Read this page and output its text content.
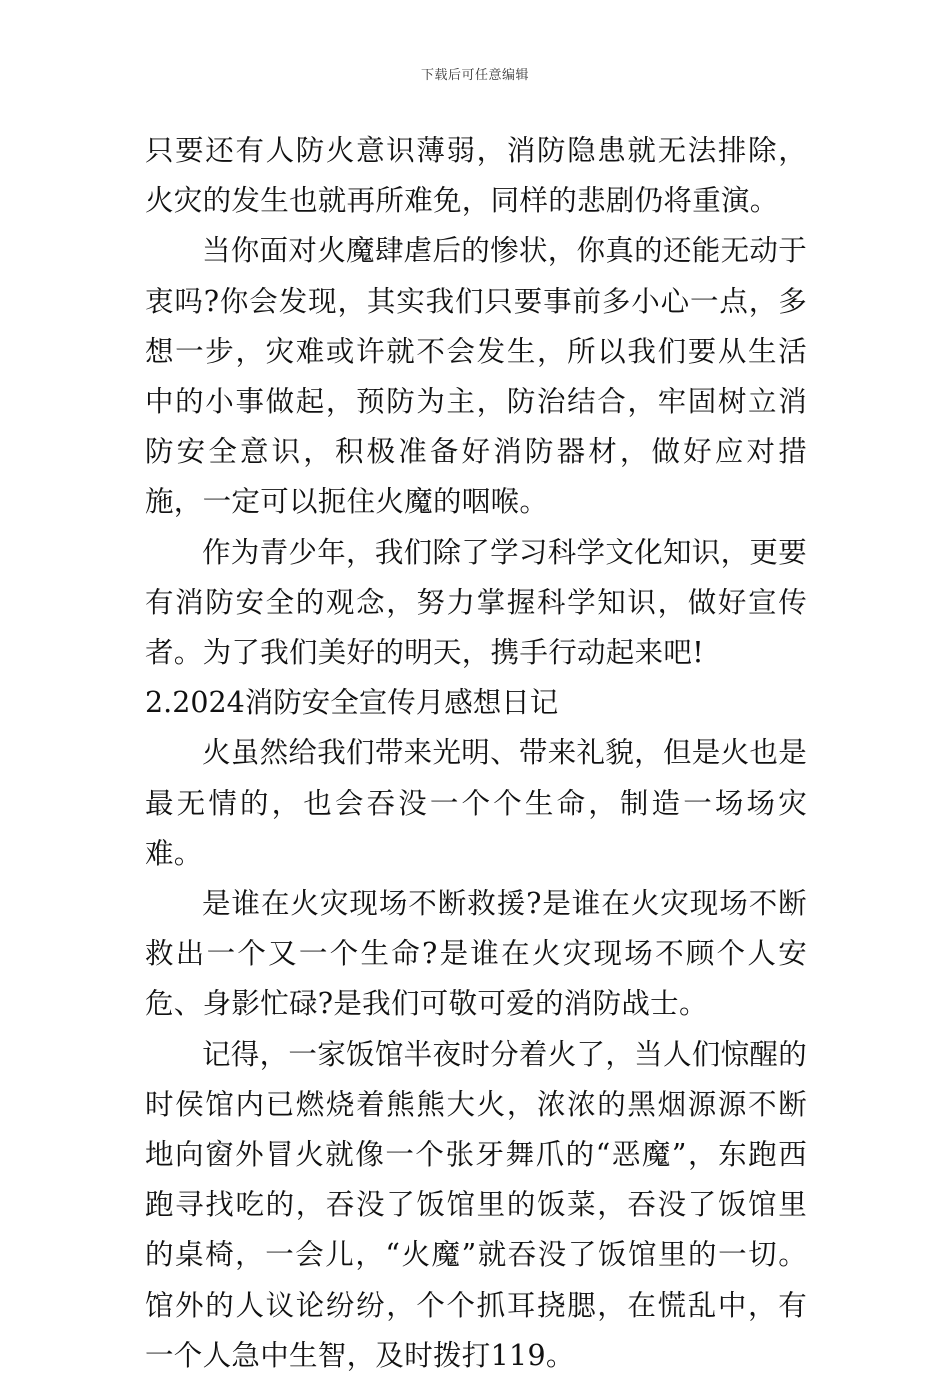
下载后可任意编辑

只要还有人防火意识薄弱，消防隐患就无法排除，火灾的发生也就再所难免，同样的悲剧仍将重演。

当你面对火魔肆虐后的惨状，你真的还能无动于衷吗?你会发现，其实我们只要事前多小心一点，多想一步，灾难或许就不会发生，所以我们要从生活中的小事做起，预防为主，防治结合，牢固树立消防安全意识，积极准备好消防器材，做好应对措施，一定可以扼住火魔的咽喉。

作为青少年，我们除了学习科学文化知识，更要有消防安全的观念，努力掌握科学知识，做好宣传者。为了我们美好的明天，携手行动起来吧!

2.2024消防安全宣传月感想日记

火虽然给我们带来光明、带来礼貌，但是火也是最无情的，也会吞没一个个生命，制造一场场灾难。

是谁在火灾现场不断救援?是谁在火灾现场不断救出一个又一个生命?是谁在火灾现场不顾个人安危、身影忙碌?是我们可敬可爱的消防战士。

记得，一家饭馆半夜时分着火了，当人们惊醒的时侯馆内已燃烧着熊熊大火，浓浓的黑烟源源不断地向窗外冒火就像一个张牙舞爪的“恶魔”，东跑西跑寻找吃的，吞没了饭馆里的饭菜，吞没了饭馆里的桌椅，一会儿，“火魔”就吞没了饭馆里的一切。馆外的人议论纷纷，个个抓耳挠腮，在慌乱中，有一个人急中生智，及时拨打119。
